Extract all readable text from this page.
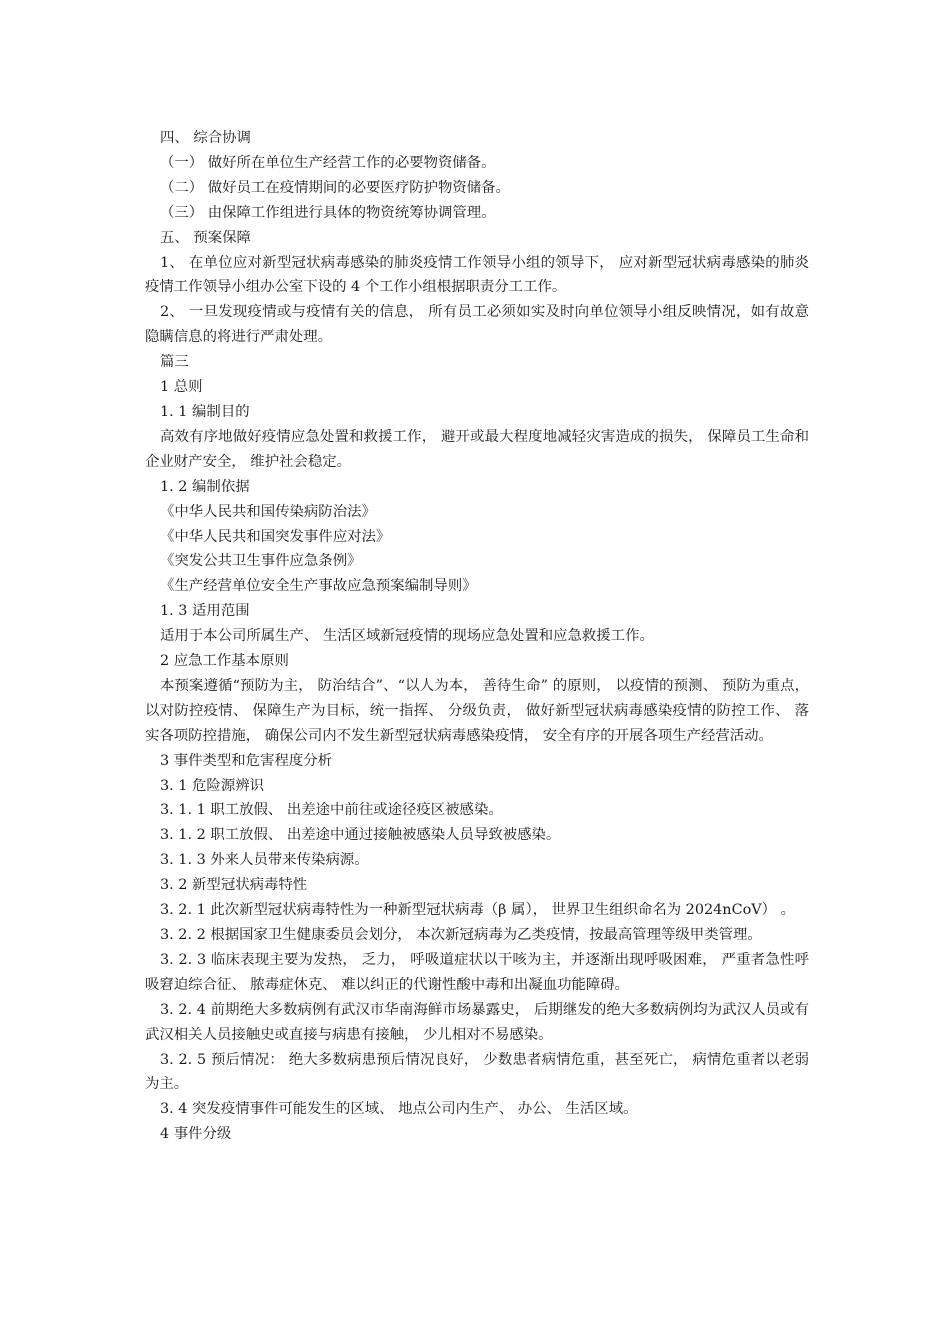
四、 综合协调

（一） 做好所在单位生产经营工作的必要物资储备。

（二） 做好员工在疫情期间的必要医疗防护物资储备。

（三） 由保障工作组进行具体的物资统筹协调管理。

五、 预案保障

1、 在单位应对新型冠状病毒感染的肺炎疫情工作领导小组的领导下， 应对新型冠状病毒感染的肺炎疫情工作领导小组办公室下设的 4 个工作小组根据职责分工工作。

2、 一旦发现疫情或与疫情有关的信息， 所有员工必须如实及时向单位领导小组反映情况，如有故意隐瞒信息的将进行严肃处理。

篇三

1 总则

1. 1 编制目的

高效有序地做好疫情应急处置和救援工作， 避开或最大程度地减轻灾害造成的损失， 保障员工生命和企业财产安全， 维护社会稳定。

1. 2 编制依据

《中华人民共和国传染病防治法》

《中华人民共和国突发事件应对法》

《突发公共卫生事件应急条例》

《生产经营单位安全生产事故应急预案编制导则》

1. 3 适用范围

适用于本公司所属生产、 生活区域新冠疫情的现场应急处置和应急救援工作。

2 应急工作基本原则

本预案遵循“预防为主， 防治结合”、“以人为本， 善待生命” 的原则， 以疫情的预测、 预防为重点， 以对防控疫情、 保障生产为目标，统一指挥、 分级负责， 做好新型冠状病毒感染疫情的防控工作、 落实各项防控措施， 确保公司内不发生新型冠状病毒感染疫情， 安全有序的开展各项生产经营活动。

3 事件类型和危害程度分析

3. 1 危险源辨识

3. 1. 1 职工放假、 出差途中前往或途径疫区被感染。

3. 1. 2 职工放假、 出差途中通过接触被感染人员导致被感染。

3. 1. 3 外来人员带来传染病源。

3. 2 新型冠状病毒特性

3. 2. 1 此次新型冠状病毒特性为一种新型冠状病毒（β 属）， 世界卫生组织命名为 2024nCoV） 。

3. 2. 2 根据国家卫生健康委员会划分， 本次新冠病毒为乙类疫情，按最高管理等级甲类管理。

3. 2. 3 临床表现主要为发热， 乏力， 呼吸道症状以干咳为主，并逐渐出现呼吸困难， 严重者急性呼吸窘迫综合征、 脓毒症休克、 难以纠正的代谢性酸中毒和出凝血功能障碍。

3. 2. 4 前期绝大多数病例有武汉市华南海鲜市场暴露史， 后期继发的绝大多数病例均为武汉人员或有武汉相关人员接触史或直接与病患有接触， 少儿相对不易感染。

3. 2. 5 预后情况： 绝大多数病患预后情况良好， 少数患者病情危重，甚至死亡， 病情危重者以老弱为主。

3. 4 突发疫情事件可能发生的区域、 地点公司内生产、 办公、 生活区域。

4 事件分级
